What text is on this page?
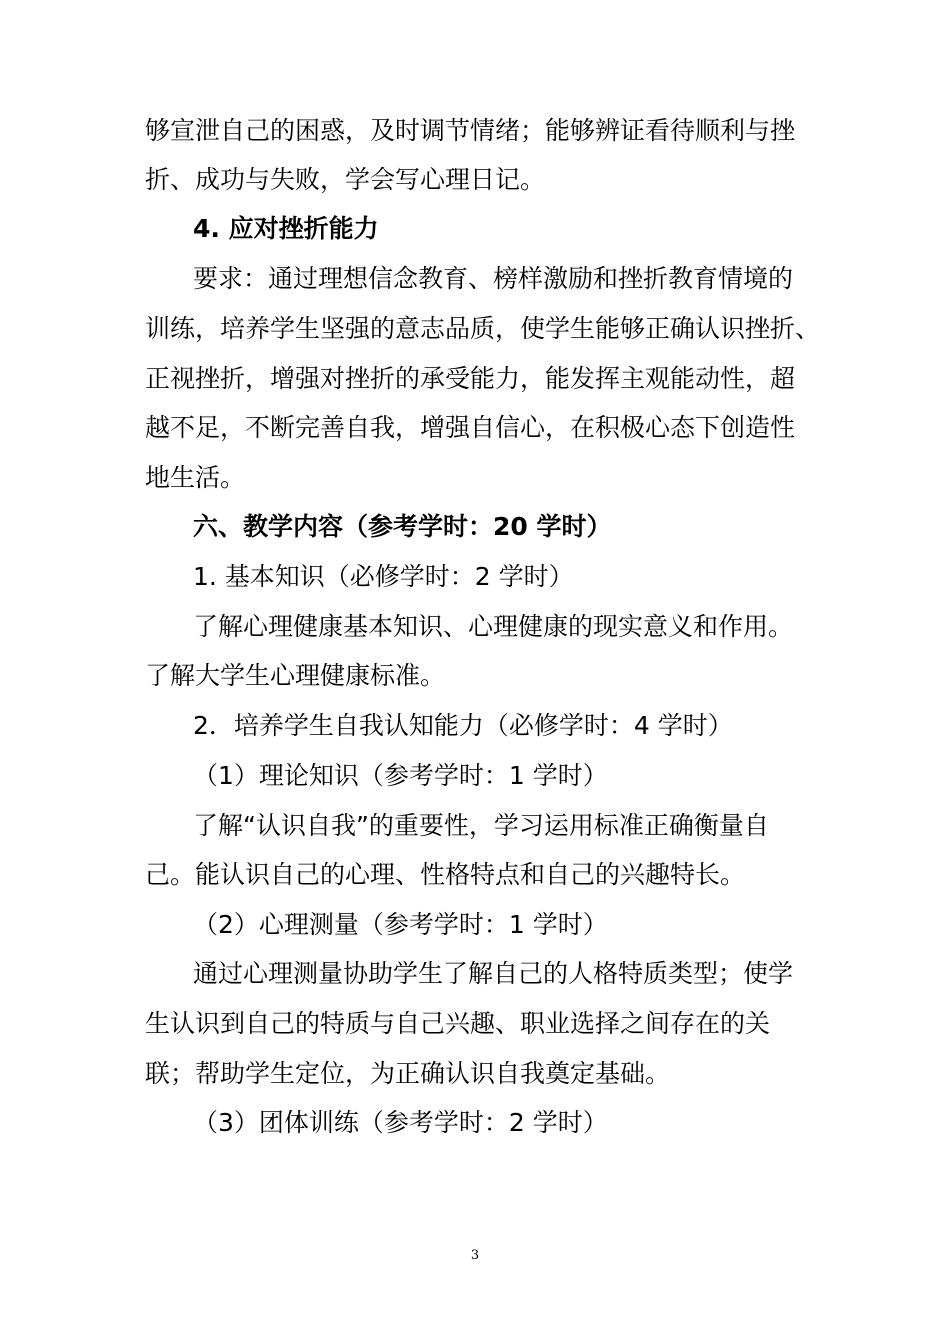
够宣泄自己的困惑，及时调节情绪；能够辨证看待顺利与挫
折、成功与失败，学会写心理日记。
4. 应对挫折能力
要求：通过理想信念教育、榜样激励和挫折教育情境的
训练，培养学生坚强的意志品质，使学生能够正确认识挫折、
正视挫折，增强对挫折的承受能力，能发挥主观能动性，超
越不足，不断完善自我，增强自信心，在积极心态下创造性
地生活。
六、教学内容（参考学时：20 学时）
1. 基本知识（必修学时：2 学时）
了解心理健康基本知识、心理健康的现实意义和作用。
了解大学生心理健康标准。
2．培养学生自我认知能力（必修学时：4 学时）
（1）理论知识（参考学时：1 学时）
了解“认识自我”的重要性，学习运用标准正确衡量自
己。能认识自己的心理、性格特点和自己的兴趣特长。
（2）心理测量（参考学时：1 学时）
通过心理测量协助学生了解自己的人格特质类型；使学
生认识到自己的特质与自己兴趣、职业选择之间存在的关
联；帮助学生定位，为正确认识自我奠定基础。
（3）团体训练（参考学时：2 学时）
3
